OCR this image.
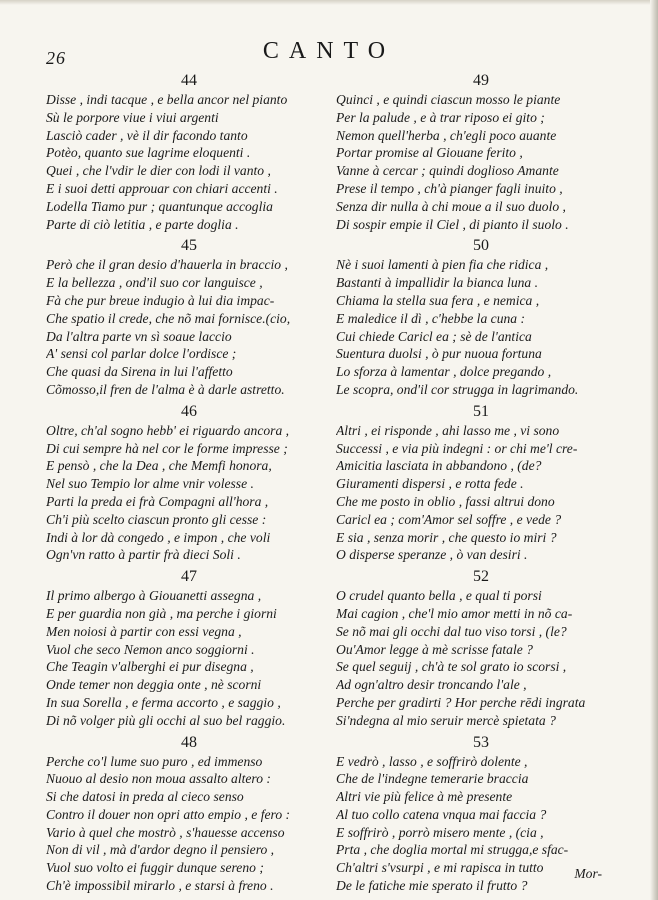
26	CANTO
44
Disse , indi tacque , e bella ancor nel pianto
Sù le porpore viue i viui argenti
Lasciò cader , vè il dir facondo tanto
Potèo, quanto sue lagrime eloquenti .
Quei , che l'vdir le dier con lodi il vanto ,
E i suoi detti approuar con chiari accenti .
Lodella Tiamo pur ; quantunque accoglia
Parte di ciò letitia , e parte doglia .
45
Però che il gran desio d'hauerla in braccio ,
E la bellezza , ond'il suo cor languisce ,
Fà che pur breue indugio à lui dia impac-
Che spatio il crede, che nõ mai fornisce.(cio,
Da l'altra parte vn sì soaue laccio
A' sensi col parlar dolce l'ordisce ;
Che quasi da Sirena in lui l'affetto
Cõmosso,il fren de l'alma è à darle astretto.
46
Oltre, ch'al sogno hebb' ei riguardo ancora ,
Di cui sempre hà nel cor le forme impresse ;
E pensò , che la Dea , che Memfi honora,
Nel suo Tempio lor alme vnir volesse .
Parti la preda ei frà Compagni all'hora ,
Ch'i più scelto ciascun pronto gli cesse :
Indi à lor dà congedo , e impon , che voli
Ogn'vn ratto à partir frà dieci Soli .
47
Il primo albergo à Giouanetti assegna ,
E per guardia non già , ma perche i giorni
Men noiosi à partir con essi vegna ,
Vuol che seco Nemon anco soggiorni .
Che Teagin v'alberghi ei pur disegna ,
Onde temer non deggia onte , nè scorni
In sua Sorella , e ferma accorto , e saggio ,
Di nõ volger più gli occhi al suo bel raggio.
48
Perche co'l lume suo puro , ed immenso
Nuouo al desio non moua assalto altero :
Si che datosi in preda al cieco senso
Contro il douer non opri atto empio , e fero :
Vario à quel che mostrò , s'hauesse accenso
Non di vil , mà d'ardor degno il pensiero ,
Vuol suo volto ei fuggir dunque sereno ;
Ch'è impossibil mirarlo , e starsi à freno .
49
Quinci , e quindi ciascun mosso le piante
Per la palude , e à trar riposo ei gito ;
Nemon quell'herba , ch'egli poco auante
Portar promise al Giouane ferito ,
Vanne à cercar ; quindi doglioso Amante
Prese il tempo , ch'à pianger fagli inuito ,
Senza dir nulla à chi moue a il suo duolo ,
Di sospir empie il Ciel , di pianto il suolo .
50
Nè i suoi lamenti à pien fia che ridica ,
Bastanti à impallidir la bianca luna .
Chiama la stella sua fera , e nemica ,
E maledice il dì , c'hebbe la cuna :
Cui chiede Caricl ea ; sè de l'antica
Suentura duolsi , ò pur nuoua fortuna
Lo sforza à lamentar , dolce pregando ,
Le scopra, ond'il cor strugga in lagrimando.
51
Altri , ei risponde , ahi lasso me , vi sono
Successi , e via più indegni : or chi me'l cre-
Amicitia lasciata in abbandono , (de?
Giuramenti dispersi , e rotta fede .
Che me posto in oblio , fassi altrui dono
Caricl ea ; com'Amor sel soffre , e vede ?
E sia , senza morir , che questo io miri ?
O disperse speranze , ò van desiri .
52
O crudel quanto bella , e qual ti porsi
Mai cagion , che'l mio amor metti in nõ ca-
Se nõ mai gli occhi dal tuo viso torsi , (le?
Ou'Amor legge à mè scrisse fatale ?
Se quel seguij , ch'à te sol grato io scorsi ,
Ad ogn'altro desir troncando l'ale ,
Perche per gradirti ? Hor perche rēdi ingrata
Si'ndegna al mio seruir mercè spietata ?
53
E vedrò , lasso , e soffrirò dolente ,
Che de l'indegne temerarie braccia
Altri vie più felice à mè presente
Al tuo collo catena vnqua mai faccia ?
E soffrirò , porrò misero mente , (cia ,
Prta , che doglia mortal mi strugga,e sfac-
Ch'altri s'vsurpi , e mi rapisca in tutto
De le fatiche mie sperato il frutto ?
Mor-
